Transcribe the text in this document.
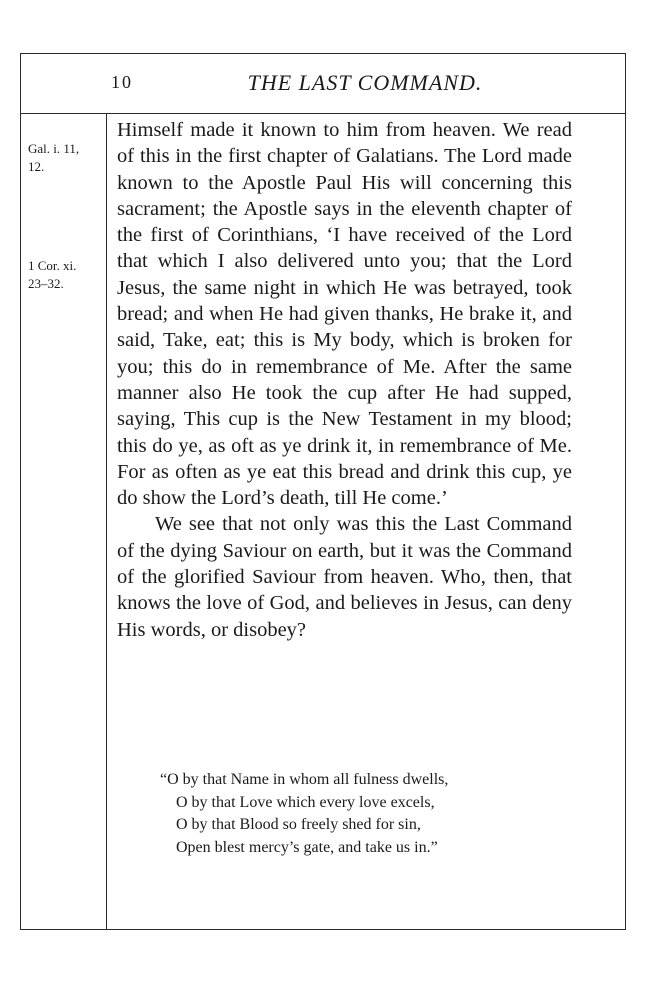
10	THE LAST COMMAND.
Gal. i. 11,
12.
1 Cor. xi.
23–32.

Himself made it known to him from heaven. We read of this in the first chapter of Galatians. The Lord made known to the Apostle Paul His will concerning this sacrament; the Apostle says in the eleventh chapter of the first of Corinthians, ‘I have received of the Lord that which I also delivered unto you; that the Lord Jesus, the same night in which He was betrayed, took bread; and when He had given thanks, He brake it, and said, Take, eat; this is My body, which is broken for you; this do in remembrance of Me. After the same manner also He took the cup after He had supped, saying, This cup is the New Testament in my blood; this do ye, as oft as ye drink it, in remembrance of Me. For as often as ye eat this bread and drink this cup, ye do show the Lord’s death, till He come.’

We see that not only was this the Last Command of the dying Saviour on earth, but it was the Command of the glorified Saviour from heaven. Who, then, that knows the love of God, and believes in Jesus, can deny His words, or disobey?

“O by that Name in whom all fulness dwells,
O by that Love which every love excels,
O by that Blood so freely shed for sin,
Open blest mercy’s gate, and take us in.”
